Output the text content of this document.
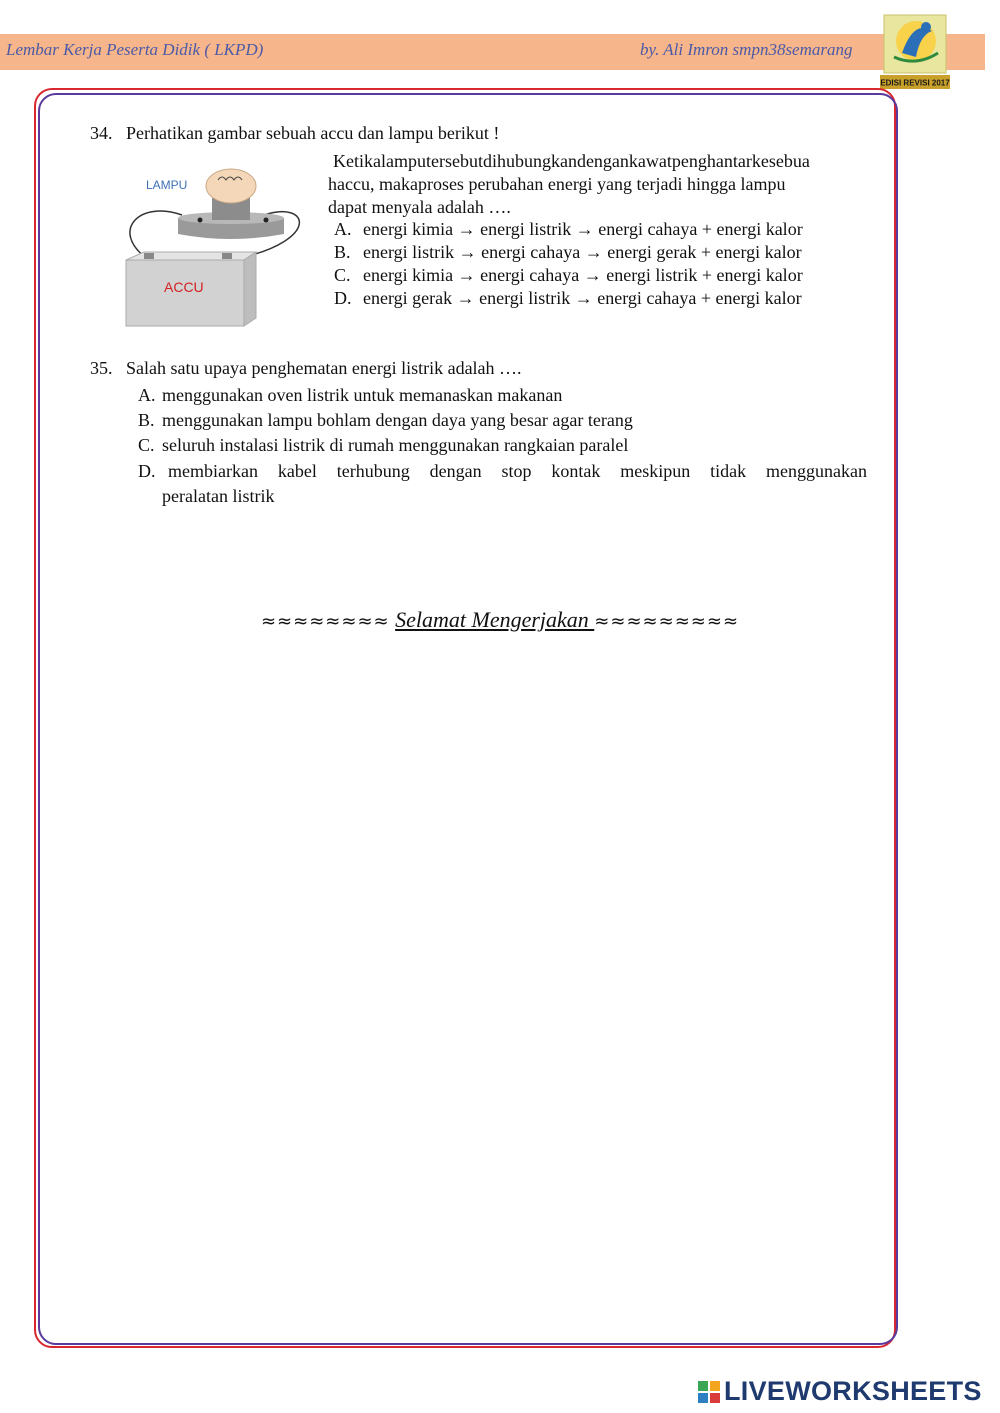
Lembar Kerja Peserta Didik ( LKPD)	by. Ali Imron smpn38semarang
EDISI REVISI 2017
34. Perhatikan gambar sebuah accu dan lampu berikut !
LAMPU
ACCU
Ketikalamputersebutdihubungkandengankawatpenghantarkesebua
haccu, makaproses perubahan energi yang terjadi hingga lampu
dapat menyala adalah ….
A. energi kimia → energi listrik → energi cahaya + energi kalor
B. energi listrik → energi cahaya → energi gerak + energi kalor
C. energi kimia → energi cahaya → energi listrik + energi kalor
D. energi gerak → energi listrik → energi cahaya + energi kalor
35. Salah satu upaya penghematan energi listrik adalah ….
A. menggunakan oven listrik untuk memanaskan makanan
B. menggunakan lampu bohlam dengan daya yang besar agar terang
C. seluruh instalasi listrik di rumah menggunakan rangkaian paralel
D. membiarkan kabel terhubung dengan stop kontak meskipun tidak menggunakan
peralatan listrik
≈≈≈≈≈≈≈≈ Selamat Mengerjakan ≈≈≈≈≈≈≈≈≈
LIVEWORKSHEETS
